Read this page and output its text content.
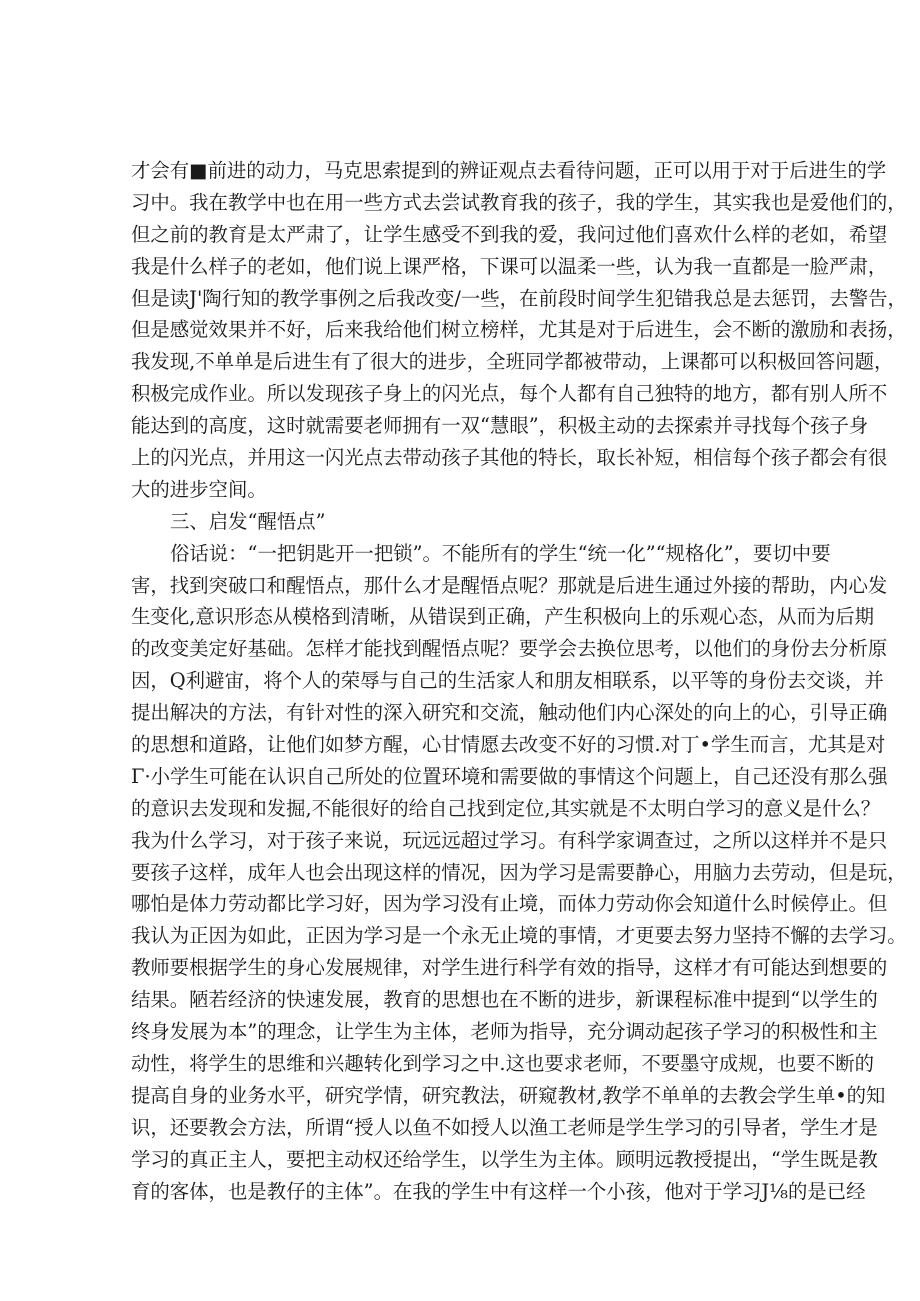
才会有■前进的动力，马克思索提到的辨证观点去看待问题，正可以用于对于后进生的学
习中。我在教学中也在用一些方式去尝试教育我的孩子，我的学生，其实我也是爱他们的，
但之前的教育是太严肃了，让学生感受不到我的爱，我问过他们喜欢什么样的老如，希望
我是什么样子的老如，他们说上课严格，下课可以温柔一些，认为我一直都是一脸严肃，
但是读J'陶行知的教学事例之后我改变/一些，在前段时间学生犯错我总是去惩罚，去警告，
但是感觉效果并不好，后来我给他们树立榜样，尤其是对于后进生，会不断的激励和表扬，
我发现,不单单是后进生有了很大的进步，全班同学都被带动，上课都可以积极回答问题，
积极完成作业。所以发现孩子身上的闪光点，每个人都有自己独特的地方，都有别人所不
能达到的高度，这时就需要老师拥有一双“慧眼”，积极主动的去探索并寻找每个孩子身
上的闪光点，并用这一闪光点去带动孩子其他的特长，取长补短，相信每个孩子都会有很
大的进步空间。
三、启发“醒悟点”
俗话说：“一把钥匙开一把锁”。不能所有的学生“统一化”“规格化”，要切中要
害，找到突破口和醒悟点，那什么才是醒悟点呢？那就是后进生通过外接的帮助，内心发
生变化,意识形态从模格到清晰，从错误到正确，产生积极向上的乐观心态，从而为后期
的改变美定好基础。怎样才能找到醒悟点呢？要学会去换位思考，以他们的身份去分析原
因，Q利避宙，将个人的荣辱与自己的生活家人和朋友相联系，以平等的身份去交谈，并
提出解决的方法，有针对性的深入研究和交流，触动他们内心深处的向上的心，引导正确
的思想和道路，让他们如梦方醒，心甘情愿去改变不好的习惯.对丁•学生而言，尤其是对
Γ·小学生可能在认识自己所处的位置环境和需要做的事情这个问题上，自己还没有那么强
的意识去发现和发掘,不能很好的给自己找到定位,其实就是不太明白学习的意义是什么？
我为什么学习，对于孩子来说，玩远远超过学习。有科学家调查过，之所以这样并不是只
要孩子这样，成年人也会出现这样的情况，因为学习是需要静心，用脑力去劳动，但是玩，
哪怕是体力劳动都比学习好，因为学习没有止境，而体力劳动你会知道什么时候停止。但
我认为正因为如此，正因为学习是一个永无止境的事情，才更要去努力坚持不懈的去学习。
教师要根据学生的身心发展规律，对学生进行科学有效的指导，这样才有可能达到想要的
结果。陋若经济的快速发展，教育的思想也在不断的进步，新课程标准中提到“以学生的
终身发展为本”的理念，让学生为主体，老师为指导，充分调动起孩子学习的积极性和主
动性，将学生的思维和兴趣转化到学习之中.这也要求老师，不要墨守成规，也要不断的
提高自身的业务水平，研究学情，研究教法，研窥教材,教学不单单的去教会学生单•的知
识，还要教会方法，所谓“授人以鱼不如授人以渔工老师是学生学习的引导者，学生才是
学习的真正主人，要把主动权还给学生，以学生为主体。顾明远教授提出，“学生既是教
育的客体，也是教仔的主体”。在我的学生中有这样一个小孩，他对于学习J⅛的是已经
